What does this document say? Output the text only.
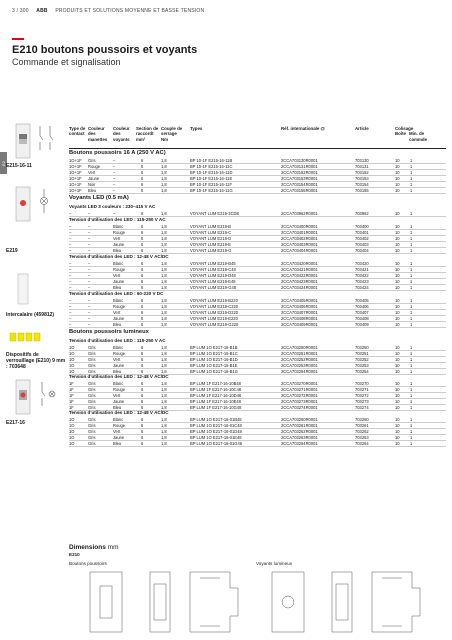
3 / 300 ABB PRODUITS ET SOLUTIONS MOYENNE ET BASSE TENSION
E210 boutons poussoirs et voyants
Commande et signalisation
E2 E215-16-11
E219
Intercalaire (459812)
Dispositifs de verrouillage (E210) 9 mm : 703648
E217-16
Type de
contact
Couleur
des
manettes
Couleur
des
voyants
Section de
raccordt
mm²
Couple de
serrage
Nm
Types	Réf. internationale @	Article	Colisage
Boîte Min. de
commde
Boutons poussoirs 16 A (250 V AC)
1O+1F Gris	–	6	1,8	BP 10-1F E215-16-11B	2CCA703130R0001	703130	10	1
1O+1F Rouge	–	6	1,8	BP 10-1F E215-16-11C	2CCA703131R0001	703131	10	1
1O+1F Vert	–	6	1,8	BP 10-1F E215-16-11D	2CCA703152R0001	703152	10	1
1O+1F Jaune	–	6	1,8	BP 10-1F E215-16-11E	2CCA703153R0001	703153	10	1
1O+1F Noir	–	6	1,8	BP 10-1F E215-16-11F	2CCA703154R0001	703154	10	1
1O+1F Bleu	–	6	1,8	BP 10-1F E215-16-11G	2CCA703155R0001	703155	10	1
Voyants LED (0.5 mA)
Voyants LED 3 couleurs : 230–415 V AC
–	–	–	6	1,8	VOYANT LUM E219-3CDE	2CCA703962R0001	703962	10	1
Tension d'utilisation des LED : 115-250 V AC
–	–	Blanc	6	1,8	VOYANT LUM E219-B	2CCA703400R0001	703400	10	1
–	–	Rouge	6	1,8	VOYANT LUM E219-C	2CCA703401R0001	703401	10	1
–	–	Vert	6	1,8	VOYANT LUM E219-D	2CCA703402R0001	703402	10	1
–	–	Jaune	6	1,8	VOYANT LUM E219-E	2CCA703403R0001	703403	10	1
–	–	Bleu	6	1,8	VOYANT LUM E219-G	2CCA703404R0001	703404	10	1
Tension d'utilisation des LED : 12-48 V AC/DC
–	–	Blanc	6	1,8	VOYANT LUM E219-B48	2CCA703420R0001	703420	10	1
–	–	Rouge	6	1,8	VOYANT LUM E219-C48	2CCA703421R0001	703421	10	1
–	–	Vert	6	1,8	VOYANT LUM E219-D48	2CCA703422R0001	703422	10	1
–	–	Jaune	6	1,8	VOYANT LUM E219-E48	2CCA703423R0001	703423	10	1
–	–	Bleu	6	1,8	VOYANT LUM E219-G48	2CCA703424R0001	703424	10	1
Tension d'utilisation des LED : 60-220 V DC
–	–	Blanc	6	1,8	VOYANT LUM E219-B220	2CCA703405R0001	703405	10	1
–	–	Rouge	6	1,8	VOYANT LUM E219-C220	2CCA703406R0001	703406	10	1
–	–	Vert	6	1,8	VOYANT LUM E219-D220	2CCA703407R0001	703407	10	1
–	–	Jaune	6	1,8	VOYANT LUM E219-E220	2CCA703408R0001	703408	10	1
–	–	Bleu	6	1,8	VOYANT LUM E219-G220	2CCA703409R0001	703409	10	1
Boutons poussoirs lumineux
Tension d'utilisation des LED : 115-250 V AC
1O	Gris	Blanc	6	1,8	BP LUM 1O E217-16-B1B	2CCA703250R0001	703250	10	1
1O	Gris	Rouge	6	1,8	BP LUM 1O E217-16-B1C	2CCA703251R0001	703251	10	1
1O	Gris	Vert	6	1,8	BP LUM 1O E217-16-B1D	2CCA703252R0001	703252	10	1
1O	Gris	Jaune	6	1,8	BP LUM 1O E217-16-B1E	2CCA703253R0001	703253	10	1
1O	Gris	Bleu	6	1,8	BP LUM 1O E217-16-B1G	2CCA703254R0001	703254	10	1
Tension d'utilisation des LED : 12-48 V AC/DC
1F	Gris	Blanc	6	1,8	BP LUM 1F E217-16-10B48	2CCA703270R0001	703270	10	1
1F	Gris	Rouge	6	1,8	BP LUM 1F E217-16-10C48	2CCA703271R0001	703271	10	1
1F	Gris	Vert	6	1,8	BP LUM 1F E217-16-10D48	2CCA703272R0001	703272	10	1
1F	Gris	Jaune	6	1,8	BP LUM 1F E217-16-10E48	2CCA703273R0001	703273	10	1
1F	Gris	Bleu	6	1,8	BP LUM 1F E217-16-10G48	2CCA703274R0001	703274	10	1
Tension d'utilisation des LED : 12-48 V AC/DC
1O	Gris	Blanc	6	1,8	BP LUM 1O E217-16-01B48	2CCA703260R0001	703260	10	1
1O	Gris	Rouge	6	1,8	BP LUM 1O E217-16-01C48	2CCA703261R0001	703261	10	1
1O	Gris	Vert	6	1,8	BP LUM 1O E217-16-01D48	2CCA703262R0001	703262	10	1
1O	Gris	Jaune	6	1,8	BP LUM 1O E217-16-01E48	2CCA703263R0001	703263	10	1
1O	Gris	Bleu	6	1,8	BP LUM 1O E217-16-01G48	2CCA703264R0001	703264	10	1
Dimensions mm
E210
Boutons poussoirs	Voyants lumineux
